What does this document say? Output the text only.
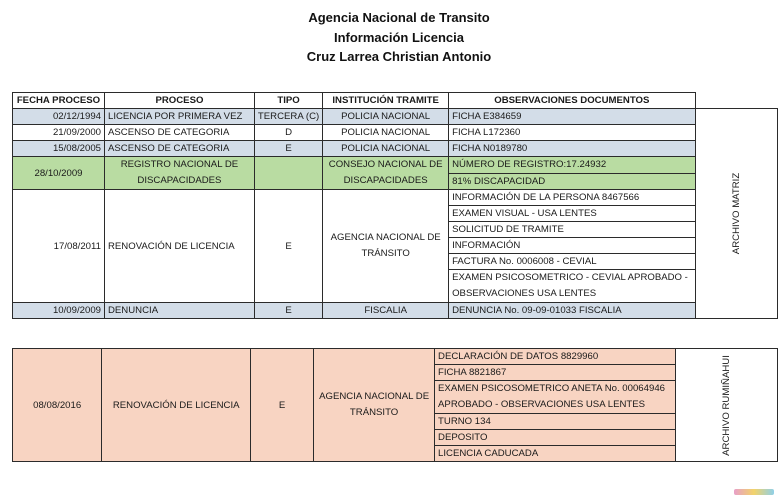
Agencia Nacional de Transito
Información Licencia
Cruz Larrea Christian Antonio
FECHA PROCESO	PROCESO	TIPO	INSTITUCIÓN TRAMITE	OBSERVACIONES DOCUMENTOS	
02/12/1994	LICENCIA POR PRIMERA VEZ	TERCERA (C)	POLICIA NACIONAL	FICHA E384659	ARCHIVO MATRIZ
21/09/2000	ASCENSO DE CATEGORIA	D	POLICIA NACIONAL	FICHA L172360	
15/08/2005	ASCENSO DE CATEGORIA	E	POLICIA NACIONAL	FICHA N0189780	
28/10/2009	REGISTRO NACIONAL DE DISCAPACIDADES		CONSEJO NACIONAL DE DISCAPACIDADES	NÚMERO DE REGISTRO:17.24932	
				81% DISCAPACIDAD	
17/08/2011	RENOVACIÓN DE LICENCIA	E	AGENCIA NACIONAL DE TRÁNSITO	INFORMACIÓN DE LA PERSONA 8467566	
				EXAMEN VISUAL - USA LENTES	
				SOLICITUD DE TRAMITE	
				INFORMACIÓN	
				FACTURA No. 0006008 - CEVIAL	
				EXAMEN PSICOSOMETRICO - CEVIAL APROBADO - OBSERVACIONES USA LENTES	

10/09/2009	DENUNCIA	E	FISCALIA	DENUNCIA No. 09-09-01033 FISCALIA	
08/08/2016	RENOVACIÓN DE LICENCIA	E	AGENCIA NACIONAL DE TRÁNSITO	DECLARACIÓN DE DATOS 8829960	ARCHIVO RUMIÑAHUI
FICHA 8821867
EXAMEN PSICOSOMETRICO ANETA No. 00064946 APROBADO - OBSERVACIONES USA LENTES

TURNO 134
DEPOSITO
LICENCIA CADUCADA
